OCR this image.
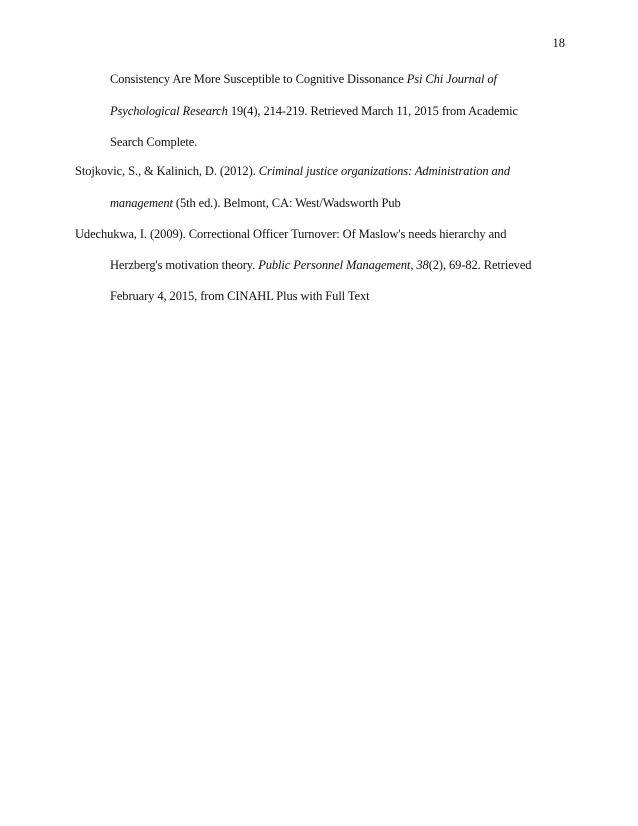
18
Consistency Are More Susceptible to Cognitive Dissonance Psi Chi Journal of
Psychological Research 19(4), 214-219. Retrieved March 11, 2015 from Academic
Search Complete.
Stojkovic, S., & Kalinich, D. (2012). Criminal justice organizations: Administration and
management (5th ed.). Belmont, CA: West/Wadsworth Pub
Udechukwa, I. (2009). Correctional Officer Turnover: Of Maslow's needs hierarchy and
Herzberg's motivation theory. Public Personnel Management, 38(2), 69-82. Retrieved
February 4, 2015, from CINAHL Plus with Full Text
